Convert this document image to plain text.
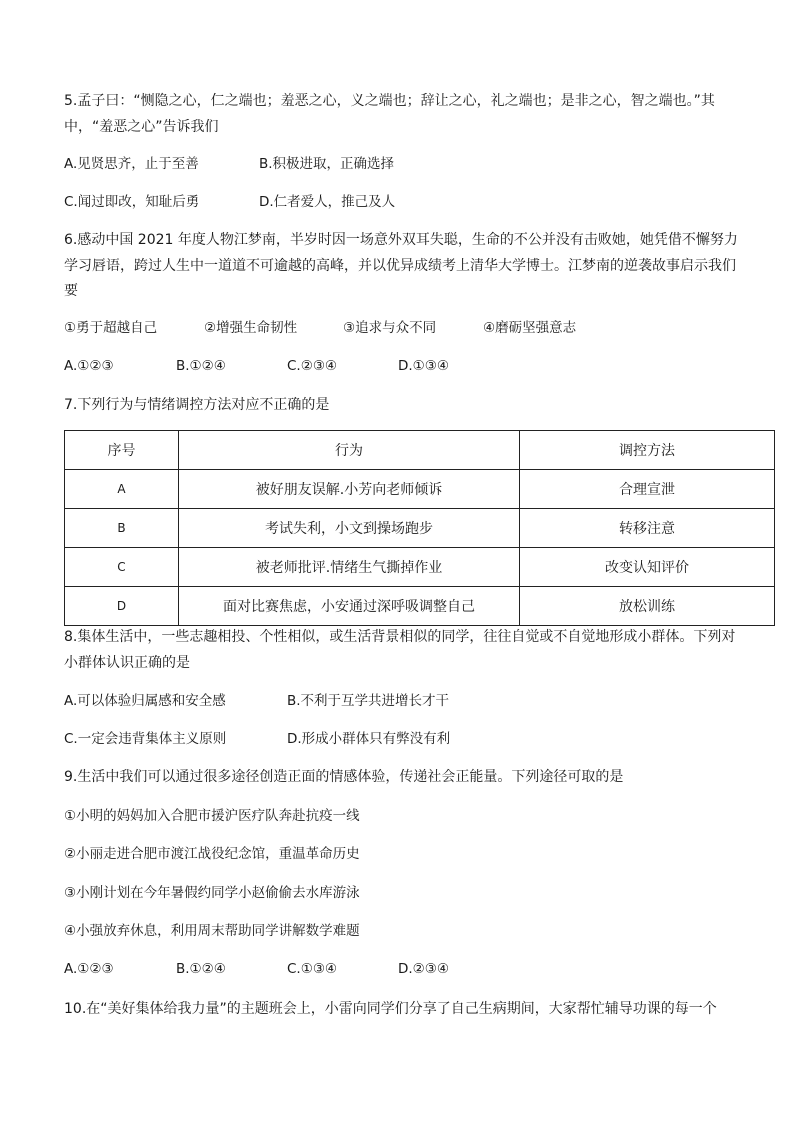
5.孟子曰：“恻隐之心，仁之端也；羞恶之心，义之端也；辞让之心，礼之端也；是非之心，智之端也。”其
中，“羞恶之心”告诉我们
A.见贤思齐，止于至善	B.积极进取，正确选择
C.闻过即改，知耻后勇	D.仁者爱人，推己及人
6.感动中国 2021 年度人物江梦南，半岁时因一场意外双耳失聪，生命的不公并没有击败她，她凭借不懈努力
学习唇语，跨过人生中一道道不可逾越的高峰，并以优异成绩考上清华大学博士。江梦南的逆袭故事启示我们
要
①勇于超越自己	②增强生命韧性	③追求与众不同	④磨砺坚强意志
A.①②③	B.①②④	C.②③④	D.①③④
7.下列行为与情绪调控方法对应不正确的是
序号	行为	调控方法
A	被好朋友误解.小芳向老师倾诉	合理宣泄
B	考试失利，小文到操场跑步	转移注意
C	被老师批评.情绪生气撕掉作业	改变认知评价
D	面对比赛焦虑，小安通过深呼吸调整自己	放松训练
8.集体生活中，一些志趣相投、个性相似，或生活背景相似的同学，往往自觉或不自觉地形成小群体。下列对
小群体认识正确的是
A.可以体验归属感和安全感	B.不利于互学共进增长才干
C.一定会违背集体主义原则	D.形成小群体只有弊没有利
9.生活中我们可以通过很多途径创造正面的情感体验，传递社会正能量。下列途径可取的是
①小明的妈妈加入合肥市援沪医疗队奔赴抗疫一线
②小丽走进合肥市渡江战役纪念馆，重温革命历史
③小刚计划在今年暑假约同学小赵偷偷去水库游泳
④小强放弃休息，利用周末帮助同学讲解数学难题
A.①②③	B.①②④	C.①③④	D.②③④
10.在“美好集体给我力量”的主题班会上，小雷向同学们分享了自己生病期间，大家帮忙辅导功课的每一个
